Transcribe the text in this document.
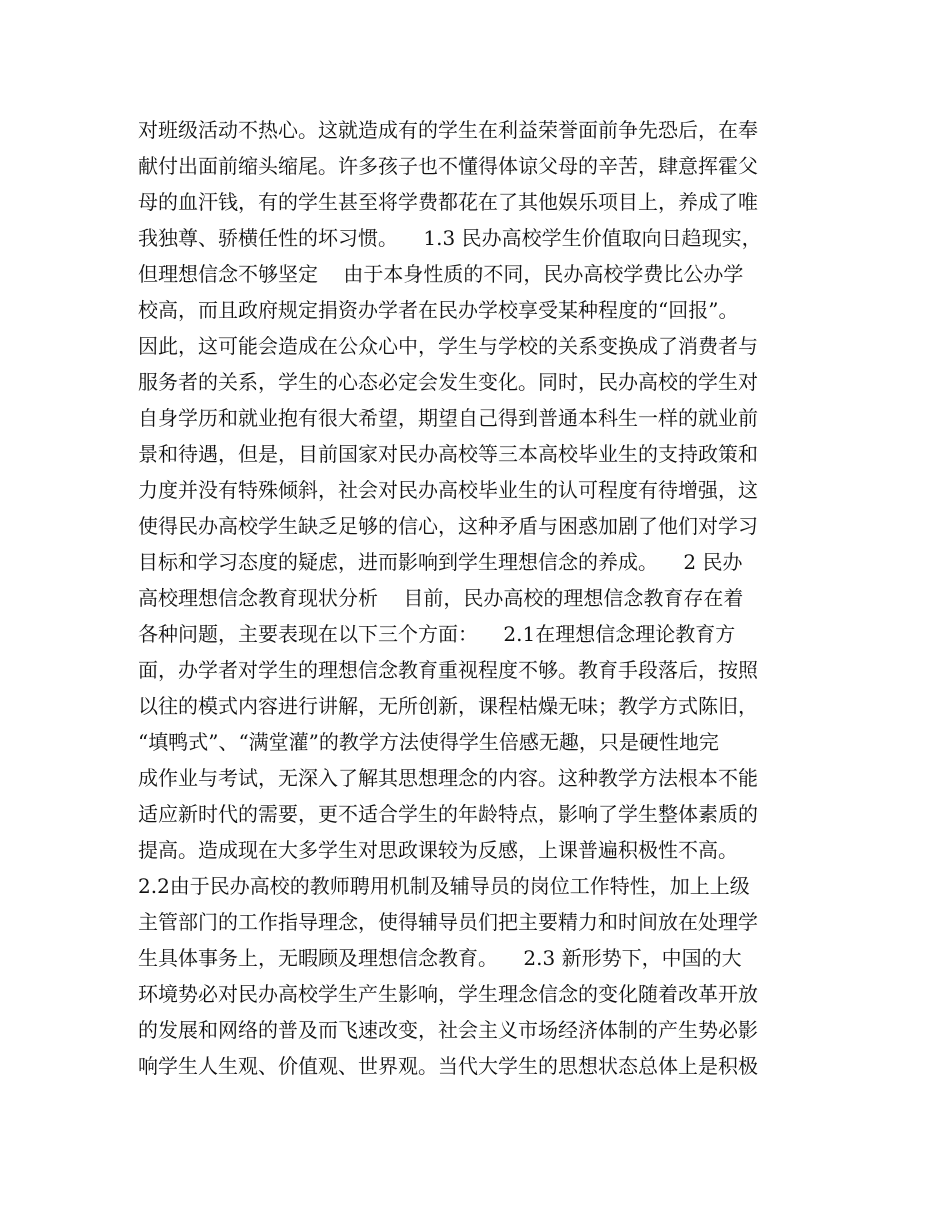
对班级活动不热心。这就造成有的学生在利益荣誉面前争先恐后，在奉
献付出面前缩头缩尾。许多孩子也不懂得体谅父母的辛苦，肆意挥霍父
母的血汗钱，有的学生甚至将学费都花在了其他娱乐项目上，养成了唯
我独尊、骄横任性的坏习惯。    1.3 民办高校学生价值取向日趋现实，
但理想信念不够坚定    由于本身性质的不同，民办高校学费比公办学
校高，而且政府规定捐资办学者在民办学校享受某种程度的“回报”。
因此，这可能会造成在公众心中，学生与学校的关系变换成了消费者与
服务者的关系，学生的心态必定会发生变化。同时，民办高校的学生对
自身学历和就业抱有很大希望，期望自己得到普通本科生一样的就业前
景和待遇，但是，目前国家对民办高校等三本高校毕业生的支持政策和
力度并没有特殊倾斜，社会对民办高校毕业生的认可程度有待增强，这
使得民办高校学生缺乏足够的信心，这种矛盾与困惑加剧了他们对学习
目标和学习态度的疑虑，进而影响到学生理想信念的养成。    2 民办
高校理想信念教育现状分析    目前，民办高校的理想信念教育存在着
各种问题，主要表现在以下三个方面：    2.1在理想信念理论教育方
面，办学者对学生的理想信念教育重视程度不够。教育手段落后，按照
以往的模式内容进行讲解，无所创新，课程枯燥无味；教学方式陈旧，
“填鸭式”、“满堂灌”的教学方法使得学生倍感无趣，只是硬性地完
成作业与考试，无深入了解其思想理念的内容。这种教学方法根本不能
适应新时代的需要，更不适合学生的年龄特点，影响了学生整体素质的
提高。造成现在大多学生对思政课较为反感，上课普遍积极性不高。
2.2由于民办高校的教师聘用机制及辅导员的岗位工作特性，加上上级
主管部门的工作指导理念，使得辅导员们把主要精力和时间放在处理学
生具体事务上，无暇顾及理想信念教育。    2.3 新形势下，中国的大
环境势必对民办高校学生产生影响，学生理念信念的变化随着改革开放
的发展和网络的普及而飞速改变，社会主义市场经济体制的产生势必影
响学生人生观、价值观、世界观。当代大学生的思想状态总体上是积极
